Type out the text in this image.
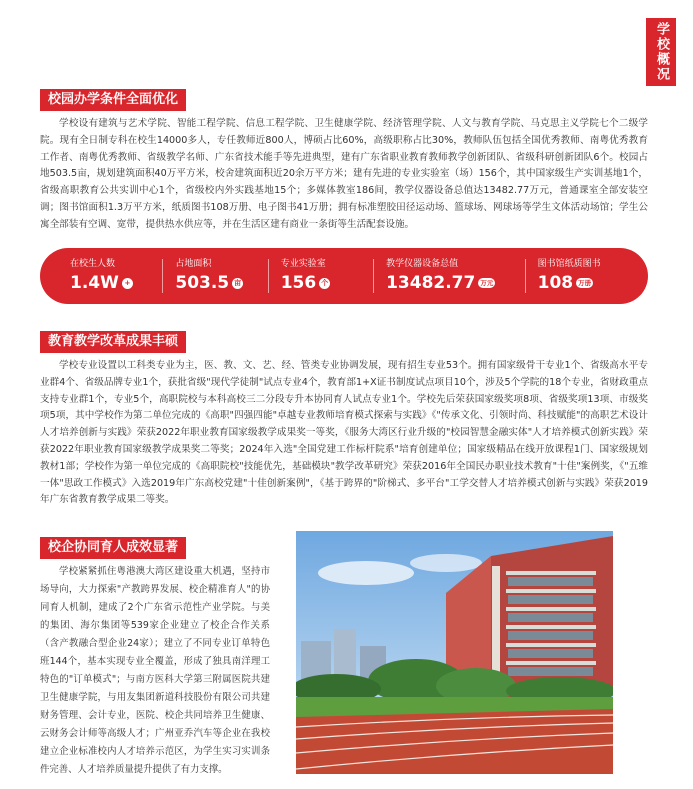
学校概况
校园办学条件全面优化

学校设有建筑与艺术学院、智能工程学院、信息工程学院、卫生健康学院、经济管理学院、人文与教育学院、马克思主义学院七个二级学院。现有全日制专科在校生14000多人，专任教师近800人，博硕占比60%，高级职称占比30%，教师队伍包括全国优秀教师、南粤优秀教育工作者、南粤优秀教师、省级教学名师、广东省技术能手等先进典型，建有广东省职业教育教师教学创新团队、省级科研创新团队6个。校园占地503.5亩，规划建筑面积40万平方米，校舍建筑面积近20余万平方米；建有先进的专业实验室（场）156个，其中国家级生产实训基地1个，省级高职教育公共实训中心1个，省级校内外实践基地15个；多媒体教室186间，教学仪器设备总值达13482.77万元，普通课室全部安装空调；图书馆面积1.3万平方米，纸质图书108万册、电子图书41万册；拥有标准塑胶田径运动场、篮球场、网球场等学生文体活动场馆；学生公寓全部装有空调、宽带，提供热水供应等，并在生活区建有商业一条街等生活配套设施。

在校生人数
1.4W +
占地面积
503.5 亩
专业实验室
156 个
教学仪器设备总值
13482.77 万元
图书馆纸质图书
108 万册
教育教学改革成果丰硕

学校专业设置以工科类专业为主，医、教、文、艺、经、管类专业协调发展，现有招生专业53个。拥有国家级骨干专业1个、省级高水平专业群4个、省级品牌专业1个，获批省级"现代学徒制"试点专业4个，教育部1+X证书制度试点项目10个，涉及5个学院的18个专业，省财政重点支持专业群1个，专业5个，高职院校与本科高校三二分段专升本协同育人试点专业1个。学校先后荣获国家级奖项8项、省级奖项13项、市级奖项5项，其中学校作为第二单位完成的《高职"四强四能"卓越专业教师培育模式探索与实践》《"传承文化、引领时尚、科技赋能"的高职艺术设计人才培养创新与实践》荣获2022年职业教育国家级教学成果奖一等奖，《服务大湾区行业升级的"校园智慧金融实体"人才培养模式创新实践》荣获2022年职业教育国家级教学成果奖二等奖；2024年入选"全国党建工作标杆院系"培育创建单位；国家级精品在线开放课程1门、国家级规划教材1部；学校作为第一单位完成的《高职院校"技能优先，基础模块"教学改革研究》荣获2016年全国民办职业技术教育"十佳"案例奖，《"五维一体"思政工作模式》入选2019年广东高校党建"十佳创新案例"，《基于跨界的"阶梯式、多平台"工学交替人才培养模式创新与实践》荣获2019年广东省教育教学成果二等奖。

校企协同育人成效显著

学校紧紧抓住粤港澳大湾区建设重大机遇，坚持市场导向，大力探索"产教跨界发展、校企精准育人"的协同育人机制，建成了2个广东省示范性产业学院。与美的集团、海尔集团等539家企业建立了校企合作关系（含产教融合型企业24家）；建立了不同专业订单特色班144个，基本实现专业全覆盖，形成了独具南洋理工特色的"订单模式"；与南方医科大学第三附属医院共建卫生健康学院，与用友集团新道科技股份有限公司共建财务管理、会计专业，医院、校企共同培养卫生健康、云财务会计师等高级人才；广州亚乔汽车等企业在我校建立企业标准校内人才培养示范区，为学生实习实训条件完善、人才培养质量提升提供了有力支撑。
